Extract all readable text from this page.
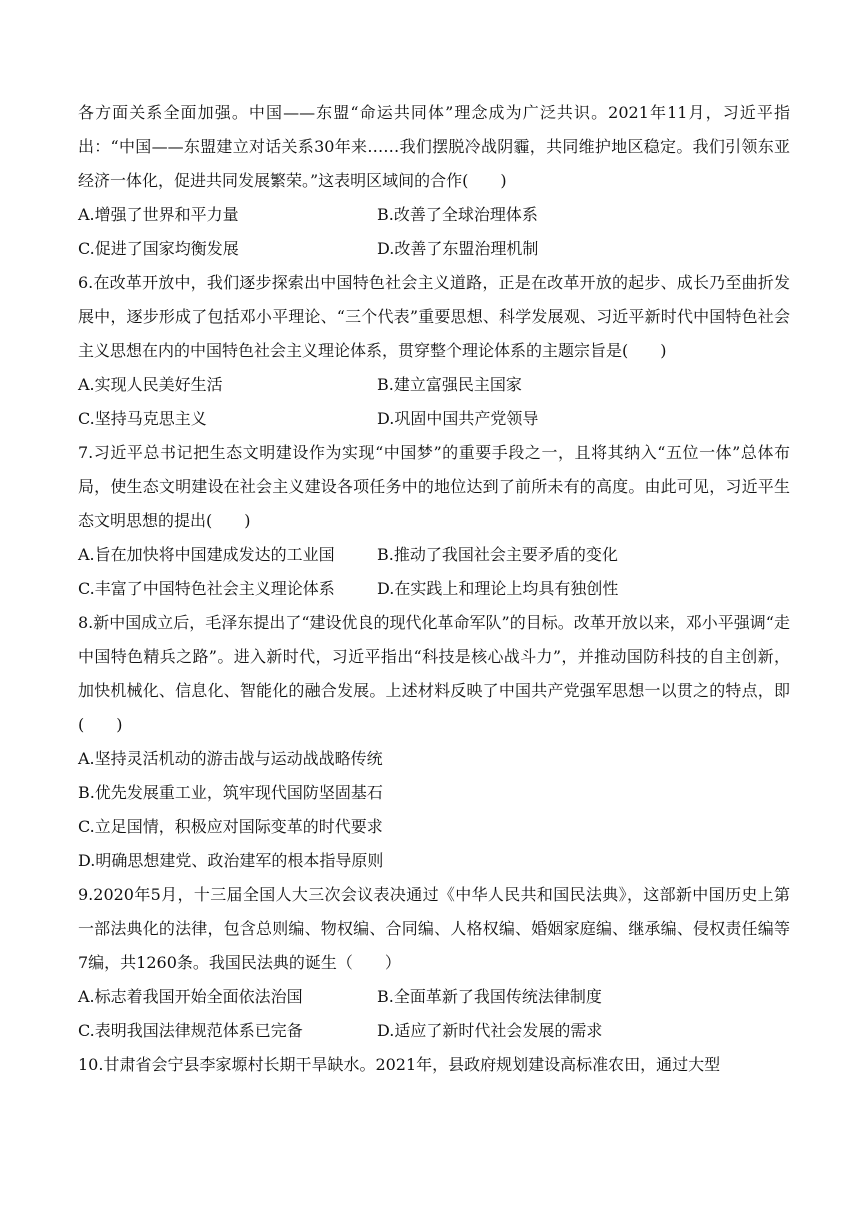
各方面关系全面加强。中国——东盟“命运共同体”理念成为广泛共识。2021年11月，习近平指出：“中国——东盟建立对话关系30年来……我们摆脱冷战阴霾，共同维护地区稳定。我们引领东亚经济一体化，促进共同发展繁荣。”这表明区域间的合作(　　)

A.增强了世界和平力量	B.改善了全球治理体系
C.促进了国家均衡发展	D.改善了东盟治理机制

6.在改革开放中，我们逐步探索出中国特色社会主义道路，正是在改革开放的起步、成长乃至曲折发展中，逐步形成了包括邓小平理论、“三个代表”重要思想、科学发展观、习近平新时代中国特色社会主义思想在内的中国特色社会主义理论体系，贯穿整个理论体系的主题宗旨是(　　)

A.实现人民美好生活	B.建立富强民主国家
C.坚持马克思主义	D.巩固中国共产党领导

7.习近平总书记把生态文明建设作为实现“中国梦”的重要手段之一，且将其纳入“五位一体”总体布局，使生态文明建设在社会主义建设各项任务中的地位达到了前所未有的高度。由此可见，习近平生态文明思想的提出(　　)

A.旨在加快将中国建成发达的工业国	B.推动了我国社会主要矛盾的变化
C.丰富了中国特色社会主义理论体系	D.在实践上和理论上均具有独创性

8.新中国成立后，毛泽东提出了“建设优良的现代化革命军队”的目标。改革开放以来，邓小平强调“走中国特色精兵之路”。进入新时代，习近平指出“科技是核心战斗力”，并推动国防科技的自主创新，加快机械化、信息化、智能化的融合发展。上述材料反映了中国共产党强军思想一以贯之的特点，即(　　)

A.坚持灵活机动的游击战与运动战战略传统
B.优先发展重工业，筑牢现代国防坚固基石
C.立足国情，积极应对国际变革的时代要求
D.明确思想建党、政治建军的根本指导原则

9.2020年5月，十三届全国人大三次会议表决通过《中华人民共和国民法典》，这部新中国历史上第一部法典化的法律，包含总则编、物权编、合同编、人格权编、婚姻家庭编、继承编、侵权责任编等7编，共1260条。我国民法典的诞生（　　）

A.标志着我国开始全面依法治国	B.全面革新了我国传统法律制度
C.表明我国法律规范体系已完备	D.适应了新时代社会发展的需求

10.甘肃省会宁县李家塬村长期干旱缺水。2021年，县政府规划建设高标准农田，通过大型
